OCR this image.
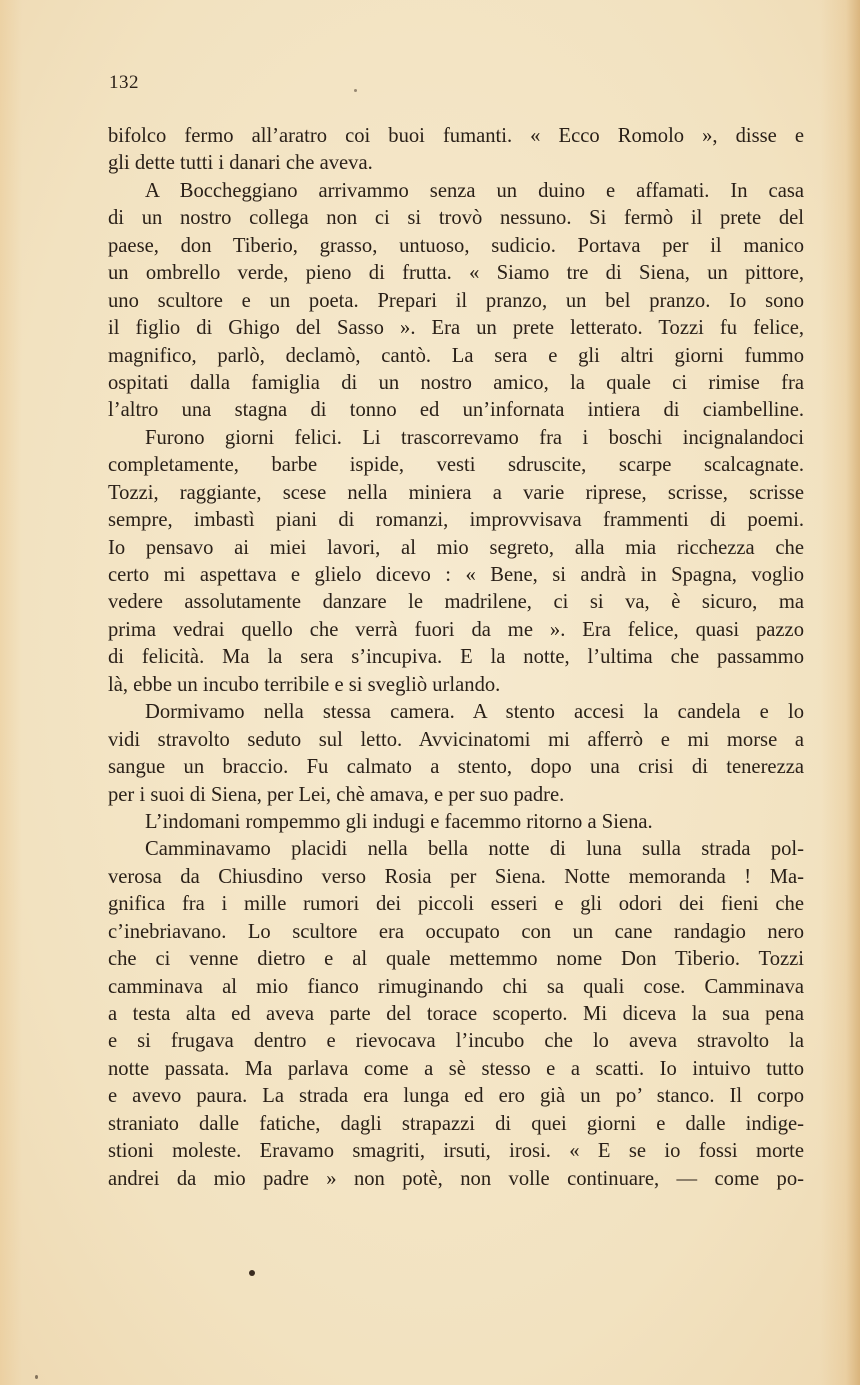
132
bifolco fermo all’aratro coi buoi fumanti. « Ecco Romolo », disse e
gli dette tutti i danari che aveva.
A Boccheggiano arrivammo senza un duino e affamati. In casa
di un nostro collega non ci si trovò nessuno. Si fermò il prete del
paese, don Tiberio, grasso, untuoso, sudicio. Portava per il manico
un ombrello verde, pieno di frutta. « Siamo tre di Siena, un pittore,
uno scultore e un poeta. Prepari il pranzo, un bel pranzo. Io sono
il figlio di Ghigo del Sasso ». Era un prete letterato. Tozzi fu felice,
magnifico, parlò, declamò, cantò. La sera e gli altri giorni fummo
ospitati dalla famiglia di un nostro amico, la quale ci rimise fra
l’altro una stagna di tonno ed un’infornata intiera di ciambelline.
Furono giorni felici. Li trascorrevamo fra i boschi incignalandoci
completamente, barbe ispide, vesti sdruscite, scarpe scalcagnate.
Tozzi, raggiante, scese nella miniera a varie riprese, scrisse, scrisse
sempre, imbastì piani di romanzi, improvvisava frammenti di poemi.
Io pensavo ai miei lavori, al mio segreto, alla mia ricchezza che
certo mi aspettava e glielo dicevo : « Bene, si andrà in Spagna, voglio
vedere assolutamente danzare le madrilene, ci si va, è sicuro, ma
prima vedrai quello che verrà fuori da me ». Era felice, quasi pazzo
di felicità. Ma la sera s’incupiva. E la notte, l’ultima che passammo
là, ebbe un incubo terribile e si svegliò urlando.
Dormivamo nella stessa camera. A stento accesi la candela e lo
vidi stravolto seduto sul letto. Avvicinatomi mi afferrò e mi morse a
sangue un braccio. Fu calmato a stento, dopo una crisi di tenerezza
per i suoi di Siena, per Lei, chè amava, e per suo padre.
L’indomani rompemmo gli indugi e facemmo ritorno a Siena.
Camminavamo placidi nella bella notte di luna sulla strada pol-
verosa da Chiusdino verso Rosia per Siena. Notte memoranda ! Ma-
gnifica fra i mille rumori dei piccoli esseri e gli odori dei fieni che
c’inebriavano. Lo scultore era occupato con un cane randagio nero
che ci venne dietro e al quale mettemmo nome Don Tiberio. Tozzi
camminava al mio fianco rimuginando chi sa quali cose. Camminava
a testa alta ed aveva parte del torace scoperto. Mi diceva la sua pena
e si frugava dentro e rievocava l’incubo che lo aveva stravolto la
notte passata. Ma parlava come a sè stesso e a scatti. Io intuivo tutto
e avevo paura. La strada era lunga ed ero già un po’ stanco. Il corpo
straniato dalle fatiche, dagli strapazzi di quei giorni e dalle indige-
stioni moleste. Eravamo smagriti, irsuti, irosi. « E se io fossi morte
andrei da mio padre » non potè, non volle continuare, — come po-
